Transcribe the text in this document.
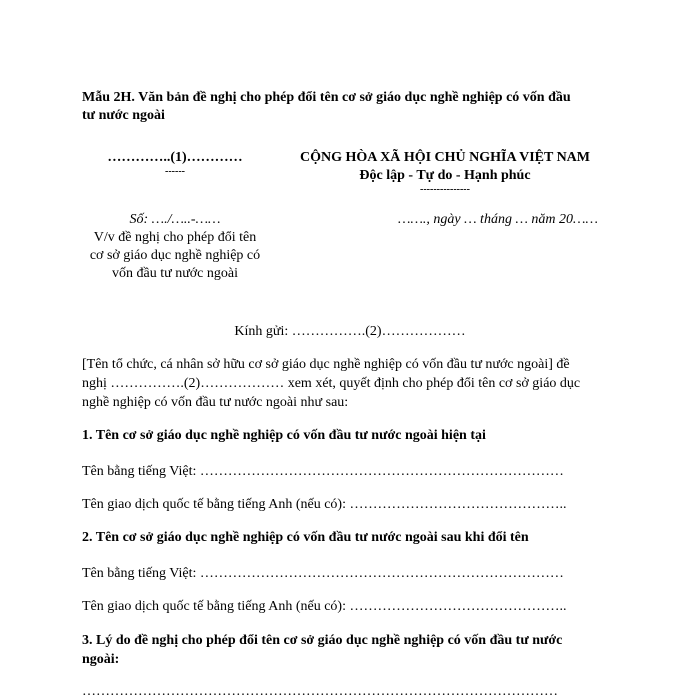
Mẫu 2H. Văn bản đề nghị cho phép đổi tên cơ sở giáo dục nghề nghiệp có vốn đầu
tư nước ngoài
…………..(1)…………
------
Số: …./…..-……
V/v đề nghị cho phép đổi tên
cơ sở giáo dục nghề nghiệp có
vốn đầu tư nước ngoài
CỘNG HÒA XÃ HỘI CHỦ NGHĨA VIỆT NAM
Độc lập - Tự do - Hạnh phúc
---------------
……., ngày … tháng … năm 20……
Kính gửi: …………….(2)………………
[Tên tổ chức, cá nhân sở hữu cơ sở giáo dục nghề nghiệp có vốn đầu tư nước ngoài] đề
nghị …………….(2)……………… xem xét, quyết định cho phép đổi tên cơ sở giáo dục
nghề nghiệp có vốn đầu tư nước ngoài như sau:
1. Tên cơ sở giáo dục nghề nghiệp có vốn đầu tư nước ngoài hiện tại
Tên bằng tiếng Việt: ……………………………………………………………………
Tên giao dịch quốc tế bằng tiếng Anh (nếu có): ………………………………………..
2. Tên cơ sở giáo dục nghề nghiệp có vốn đầu tư nước ngoài sau khi đổi tên
Tên bằng tiếng Việt: ……………………………………………………………………
Tên giao dịch quốc tế bằng tiếng Anh (nếu có): ………………………………………..
3. Lý do đề nghị cho phép đổi tên cơ sở giáo dục nghề nghiệp có vốn đầu tư nước
ngoài:
…………………………………………………………………………………………
